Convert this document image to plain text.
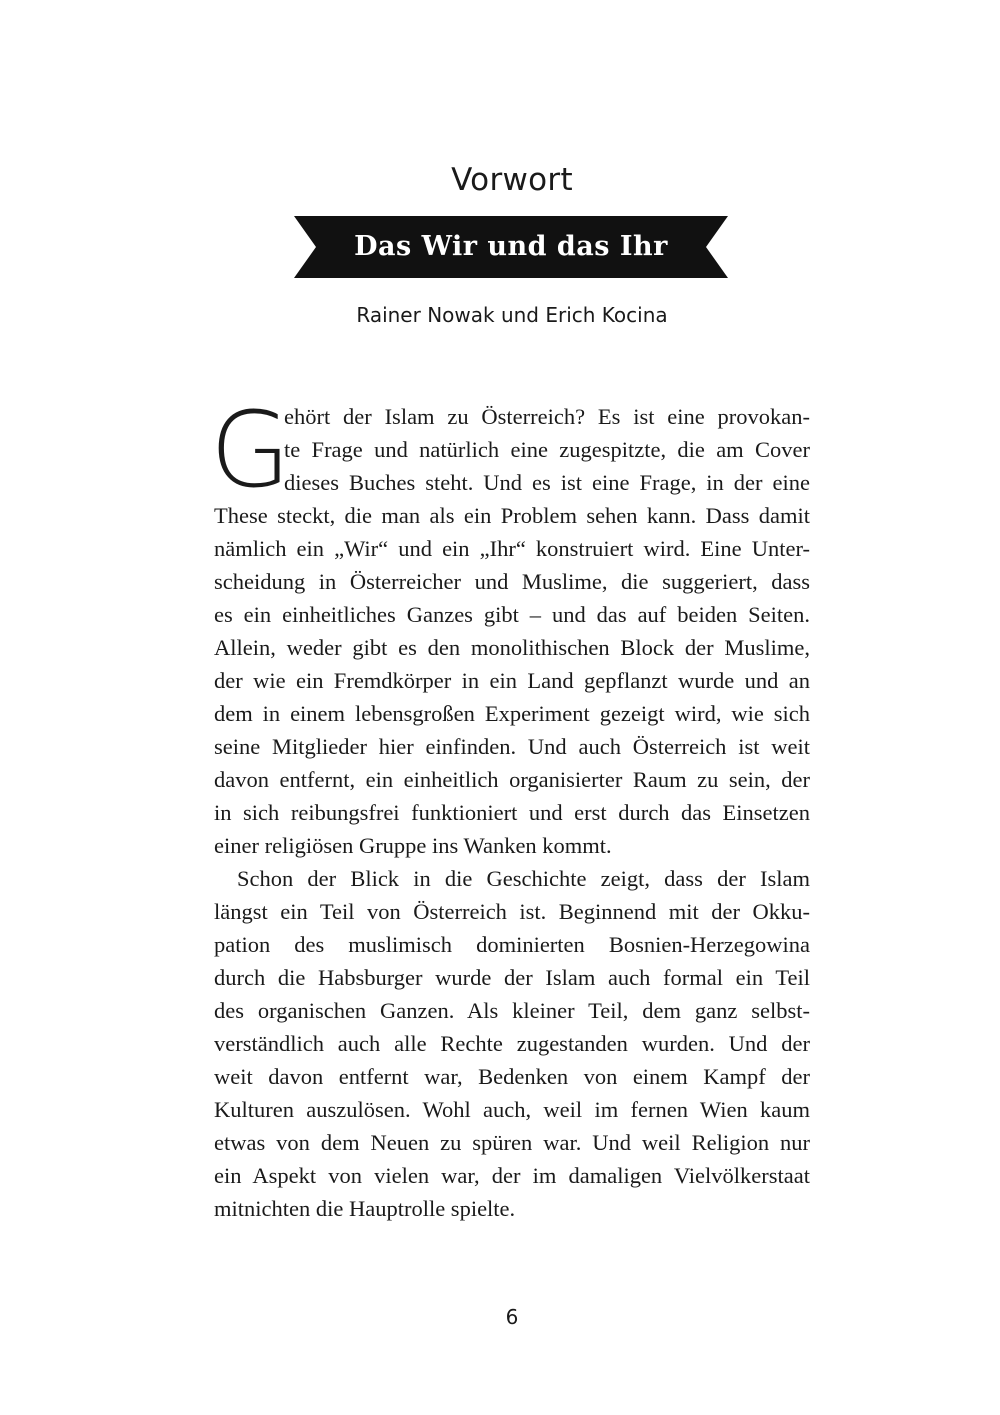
Vorwort
Das Wir und das Ihr
Rainer Nowak und Erich Kocina
G
ehört der Islam zu Österreich? Es ist eine provokan-
te Frage und natürlich eine zugespitzte, die am Cover
dieses Buches steht. Und es ist eine Frage, in der eine
These steckt, die man als ein Problem sehen kann. Dass damit
nämlich ein „Wir“ und ein „Ihr“ konstruiert wird. Eine Unter-
scheidung in Österreicher und Muslime, die suggeriert, dass
es ein einheitliches Ganzes gibt – und das auf beiden Seiten.
Allein, weder gibt es den monolithischen Block der Muslime,
der wie ein Fremdkörper in ein Land gepflanzt wurde und an
dem in einem lebensgroßen Experiment gezeigt wird, wie sich
seine Mitglieder hier einfinden. Und auch Österreich ist weit
davon entfernt, ein einheitlich organisierter Raum zu sein, der
in sich reibungsfrei funktioniert und erst durch das Einsetzen
einer religiösen Gruppe ins Wanken kommt.
Schon der Blick in die Geschichte zeigt, dass der Islam
längst ein Teil von Österreich ist. Beginnend mit der Okku-
pation des muslimisch dominierten Bosnien-Herzegowina
durch die Habsburger wurde der Islam auch formal ein Teil
des organischen Ganzen. Als kleiner Teil, dem ganz selbst-
verständlich auch alle Rechte zugestanden wurden. Und der
weit davon entfernt war, Bedenken von einem Kampf der
Kulturen auszulösen. Wohl auch, weil im fernen Wien kaum
etwas von dem Neuen zu spüren war. Und weil Religion nur
ein Aspekt von vielen war, der im damaligen Vielvölkerstaat
mitnichten die Hauptrolle spielte.
6
